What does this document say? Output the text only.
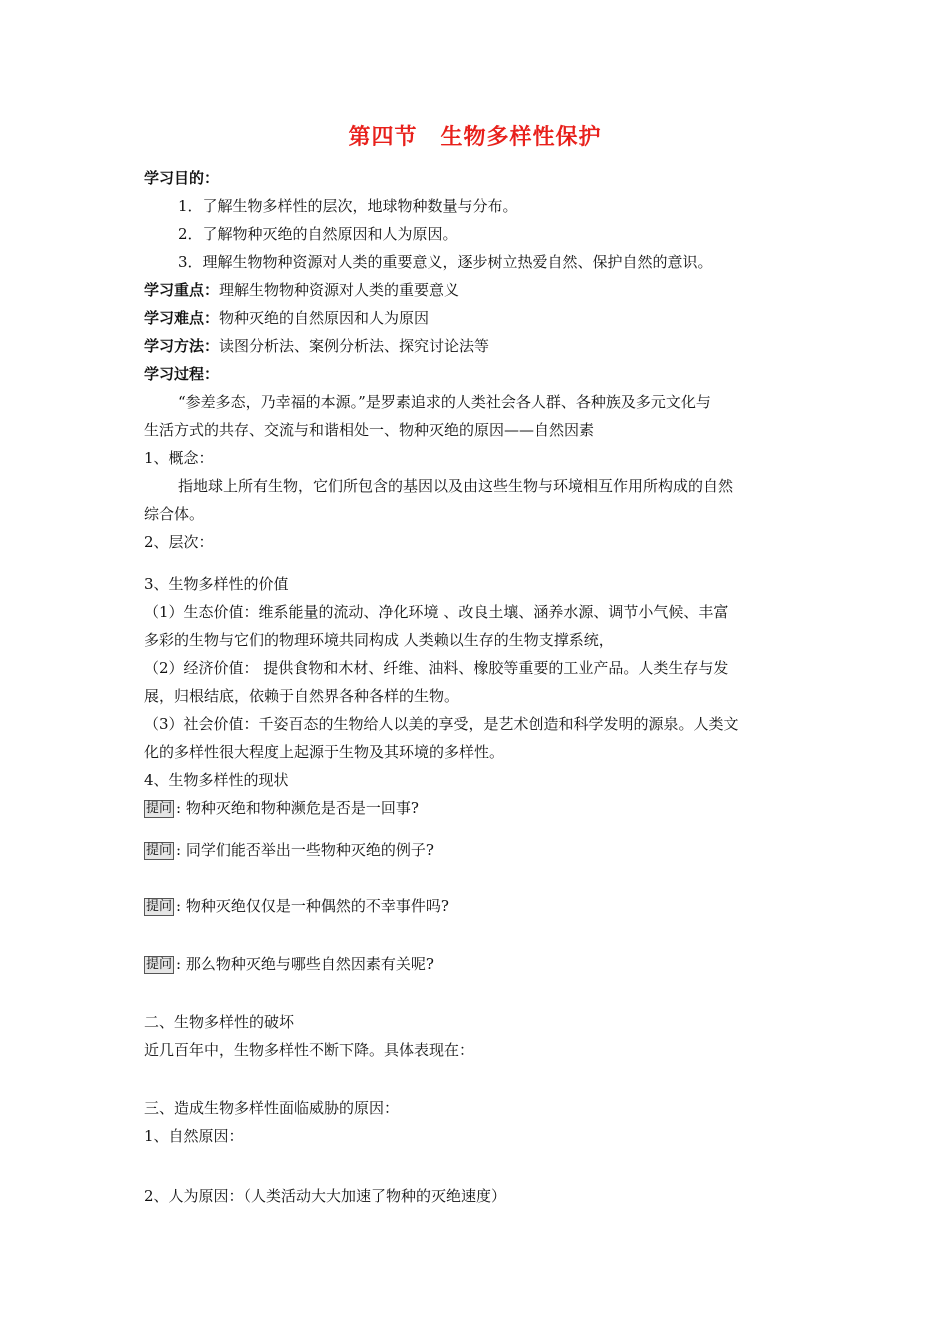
第四节　生物多样性保护
学习目的：
1．了解生物多样性的层次，地球物种数量与分布。
2．了解物种灭绝的自然原因和人为原因。
3．理解生物物种资源对人类的重要意义，逐步树立热爱自然、保护自然的意识。
学习重点：理解生物物种资源对人类的重要意义
学习难点：物种灭绝的自然原因和人为原因
学习方法：读图分析法、案例分析法、探究讨论法等
学习过程：
“参差多态，乃幸福的本源。”是罗素追求的人类社会各人群、各种族及多元文化与
生活方式的共存、交流与和谐相处一、物种灭绝的原因——自然因素
1、概念：
指地球上所有生物，它们所包含的基因以及由这些生物与环境相互作用所构成的自然
综合体。
2、层次：
3、生物多样性的价值
（1）生态价值：维系能量的流动、净化环境 、改良土壤、涵养水源、调节小气候、丰富
多彩的生物与它们的物理环境共同构成 人类赖以生存的生物支撑系统，
（2）经济价值： 提供食物和木材、纤维、油料、橡胶等重要的工业产品。人类生存与发
展，归根结底，依赖于自然界各种各样的生物。
（3）社会价值：千姿百态的生物给人以美的享受，是艺术创造和科学发明的源泉。人类文
化的多样性很大程度上起源于生物及其环境的多样性。
4、生物多样性的现状
提问 : 物种灭绝和物种濒危是否是一回事?
提问 : 同学们能否举出一些物种灭绝的例子?
提问 : 物种灭绝仅仅是一种偶然的不幸事件吗?
提问 : 那么物种灭绝与哪些自然因素有关呢?
二、生物多样性的破坏
近几百年中，生物多样性不断下降。具体表现在：
三、造成生物多样性面临威胁的原因：
1、自然原因：
2、人为原因：（人类活动大大加速了物种的灭绝速度）
